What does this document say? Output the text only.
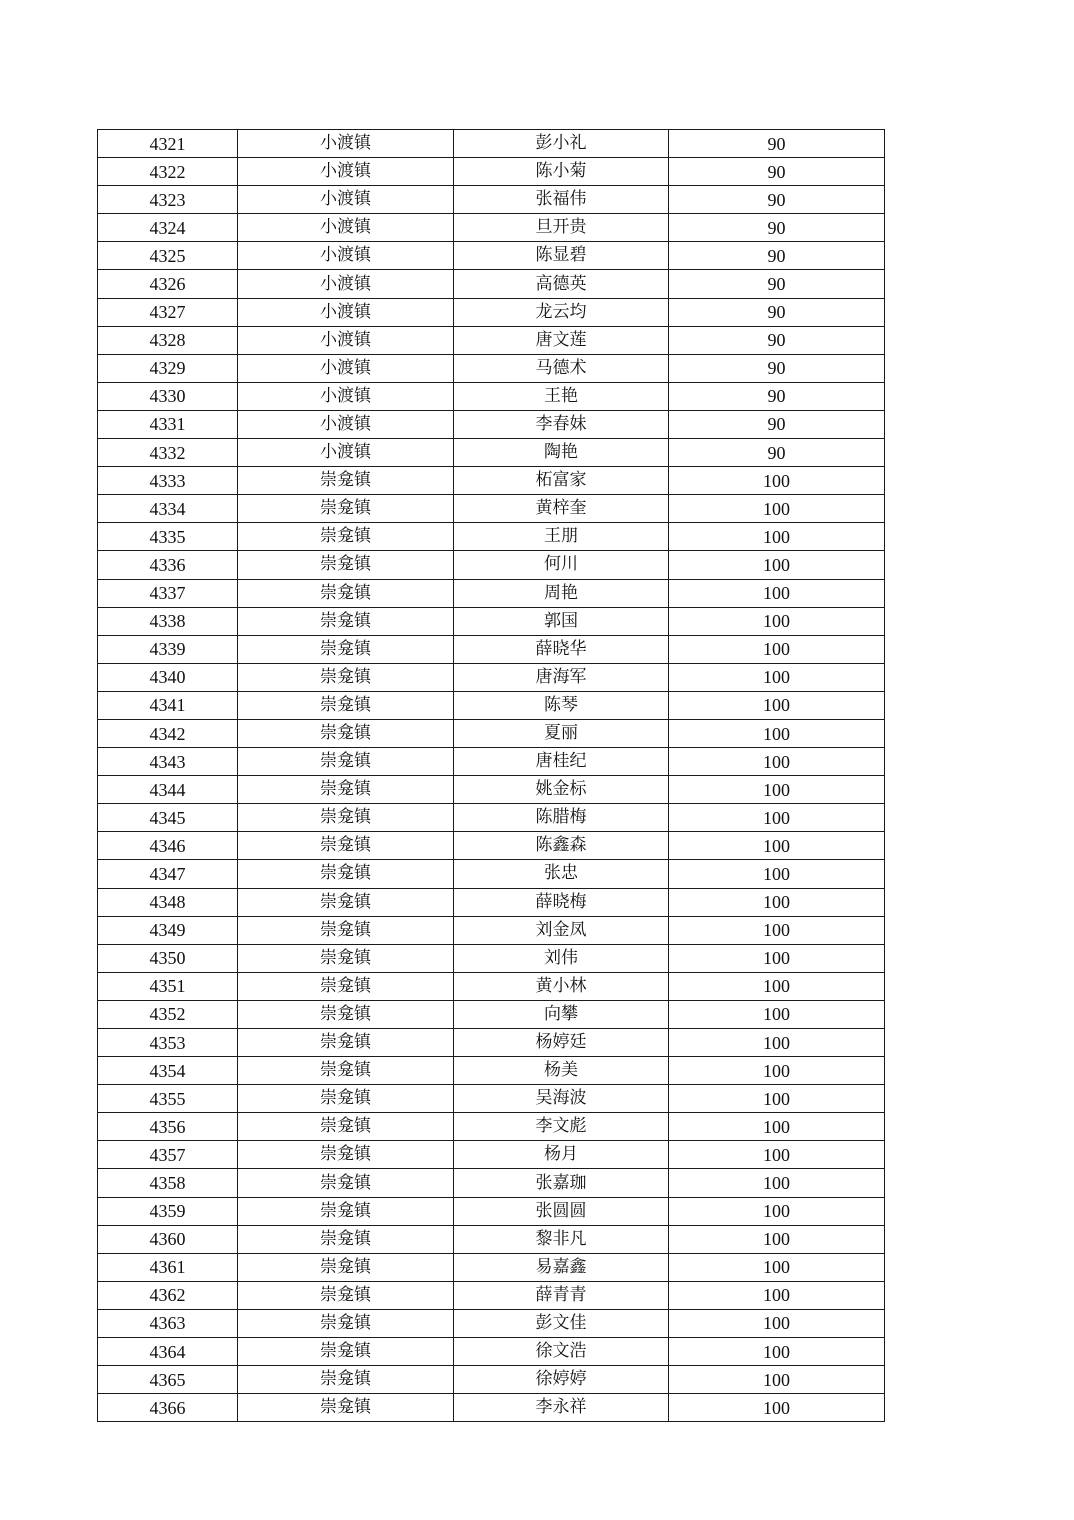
4321	小渡镇	彭小礼	90
4322	小渡镇	陈小菊	90
4323	小渡镇	张福伟	90
4324	小渡镇	旦开贵	90
4325	小渡镇	陈显碧	90
4326	小渡镇	高德英	90
4327	小渡镇	龙云均	90
4328	小渡镇	唐文莲	90
4329	小渡镇	马德术	90
4330	小渡镇	王艳	90
4331	小渡镇	李春妹	90
4332	小渡镇	陶艳	90
4333	崇龛镇	柘富家	100
4334	崇龛镇	黄梓奎	100
4335	崇龛镇	王朋	100
4336	崇龛镇	何川	100
4337	崇龛镇	周艳	100
4338	崇龛镇	郭国	100
4339	崇龛镇	薛晓华	100
4340	崇龛镇	唐海军	100
4341	崇龛镇	陈琴	100
4342	崇龛镇	夏丽	100
4343	崇龛镇	唐桂纪	100
4344	崇龛镇	姚金标	100
4345	崇龛镇	陈腊梅	100
4346	崇龛镇	陈鑫森	100
4347	崇龛镇	张忠	100
4348	崇龛镇	薛晓梅	100
4349	崇龛镇	刘金凤	100
4350	崇龛镇	刘伟	100
4351	崇龛镇	黄小林	100
4352	崇龛镇	向攀	100
4353	崇龛镇	杨婷廷	100
4354	崇龛镇	杨美	100
4355	崇龛镇	吴海波	100
4356	崇龛镇	李文彪	100
4357	崇龛镇	杨月	100
4358	崇龛镇	张嘉珈	100
4359	崇龛镇	张圆圆	100
4360	崇龛镇	黎非凡	100
4361	崇龛镇	易嘉鑫	100
4362	崇龛镇	薛青青	100
4363	崇龛镇	彭文佳	100
4364	崇龛镇	徐文浩	100
4365	崇龛镇	徐婷婷	100
4366	崇龛镇	李永祥	100
